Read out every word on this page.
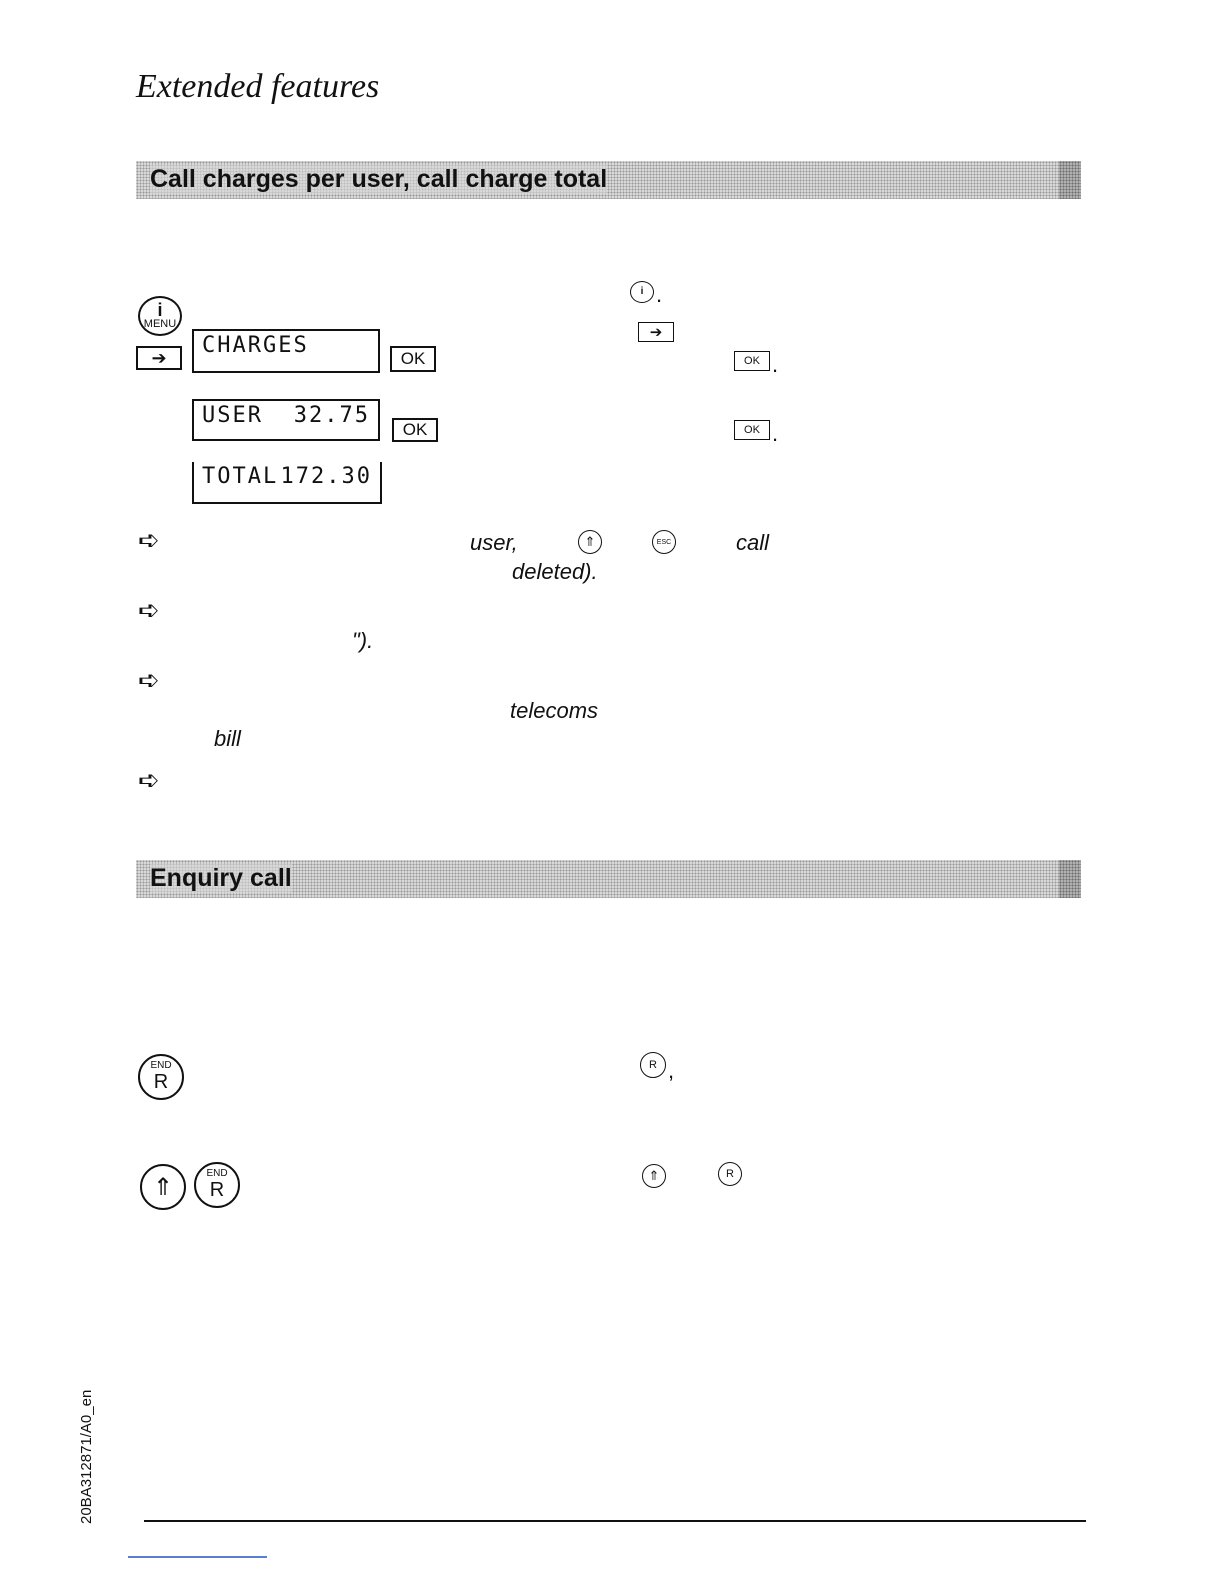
Extended features
Call charges per user, call charge total
i
MENU
i .
➔	CHARGES
OK
➔
OK .
USER 32.75
OK	OK .
TOTAL 172.30
➪	user,	⇑	ESC	call
deleted).
➪
").
➪
telecoms
bill
➪
Enquiry call
END
R
R ,
⇑	END
R
⇑	R
20BA312871/A0_en
